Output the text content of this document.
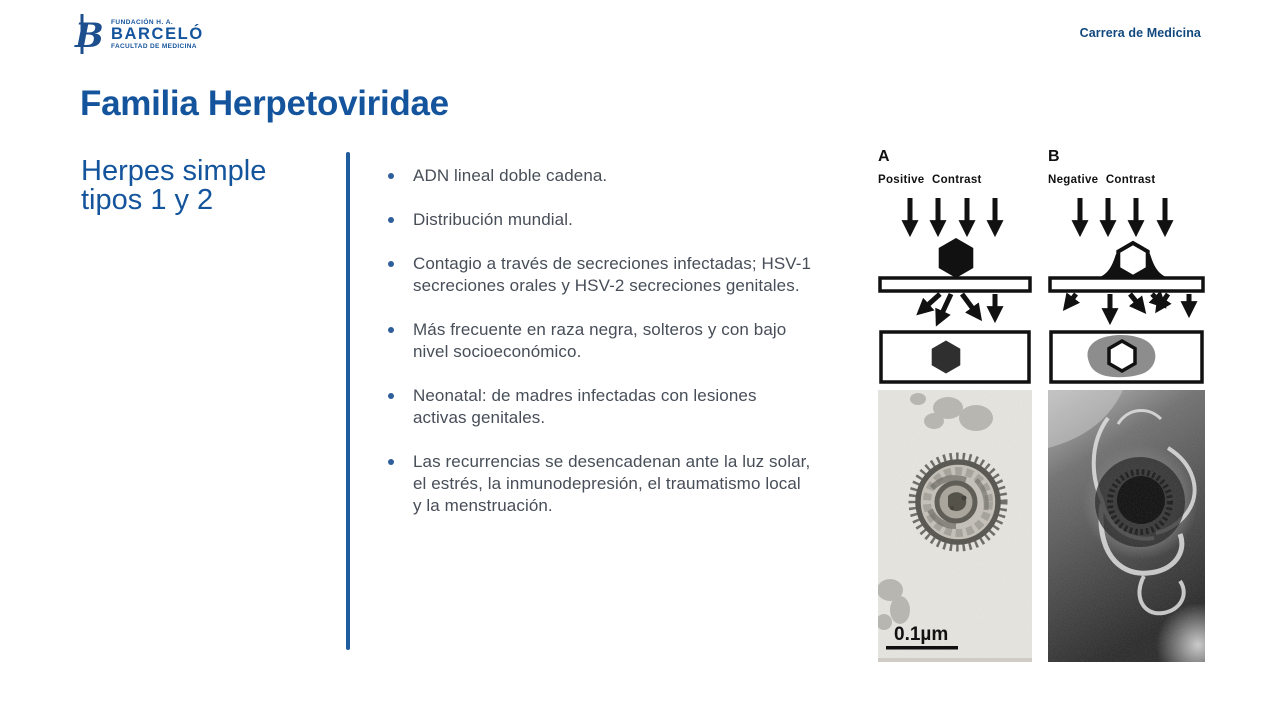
B FUNDACIÓN H. A.
BARCELÓ
FACULTAD DE MEDICINA
Carrera de Medicina
Familia Herpetoviridae
Herpes simple
tipos 1 y 2
ADN lineal doble cadena.
Distribución mundial.
Contagio a través de secreciones infectadas; HSV-1 secreciones orales y HSV-2 secreciones genitales.
Más frecuente en raza negra, solteros y con bajo nivel socioeconómico.
Neonatal: de madres infectadas con lesiones activas genitales.
Las recurrencias se desencadenan ante la luz solar, el estrés, la inmunodepresión, el traumatismo local y la menstruación.
A
Positive Contrast
0.1µm
B
Negative Contrast
